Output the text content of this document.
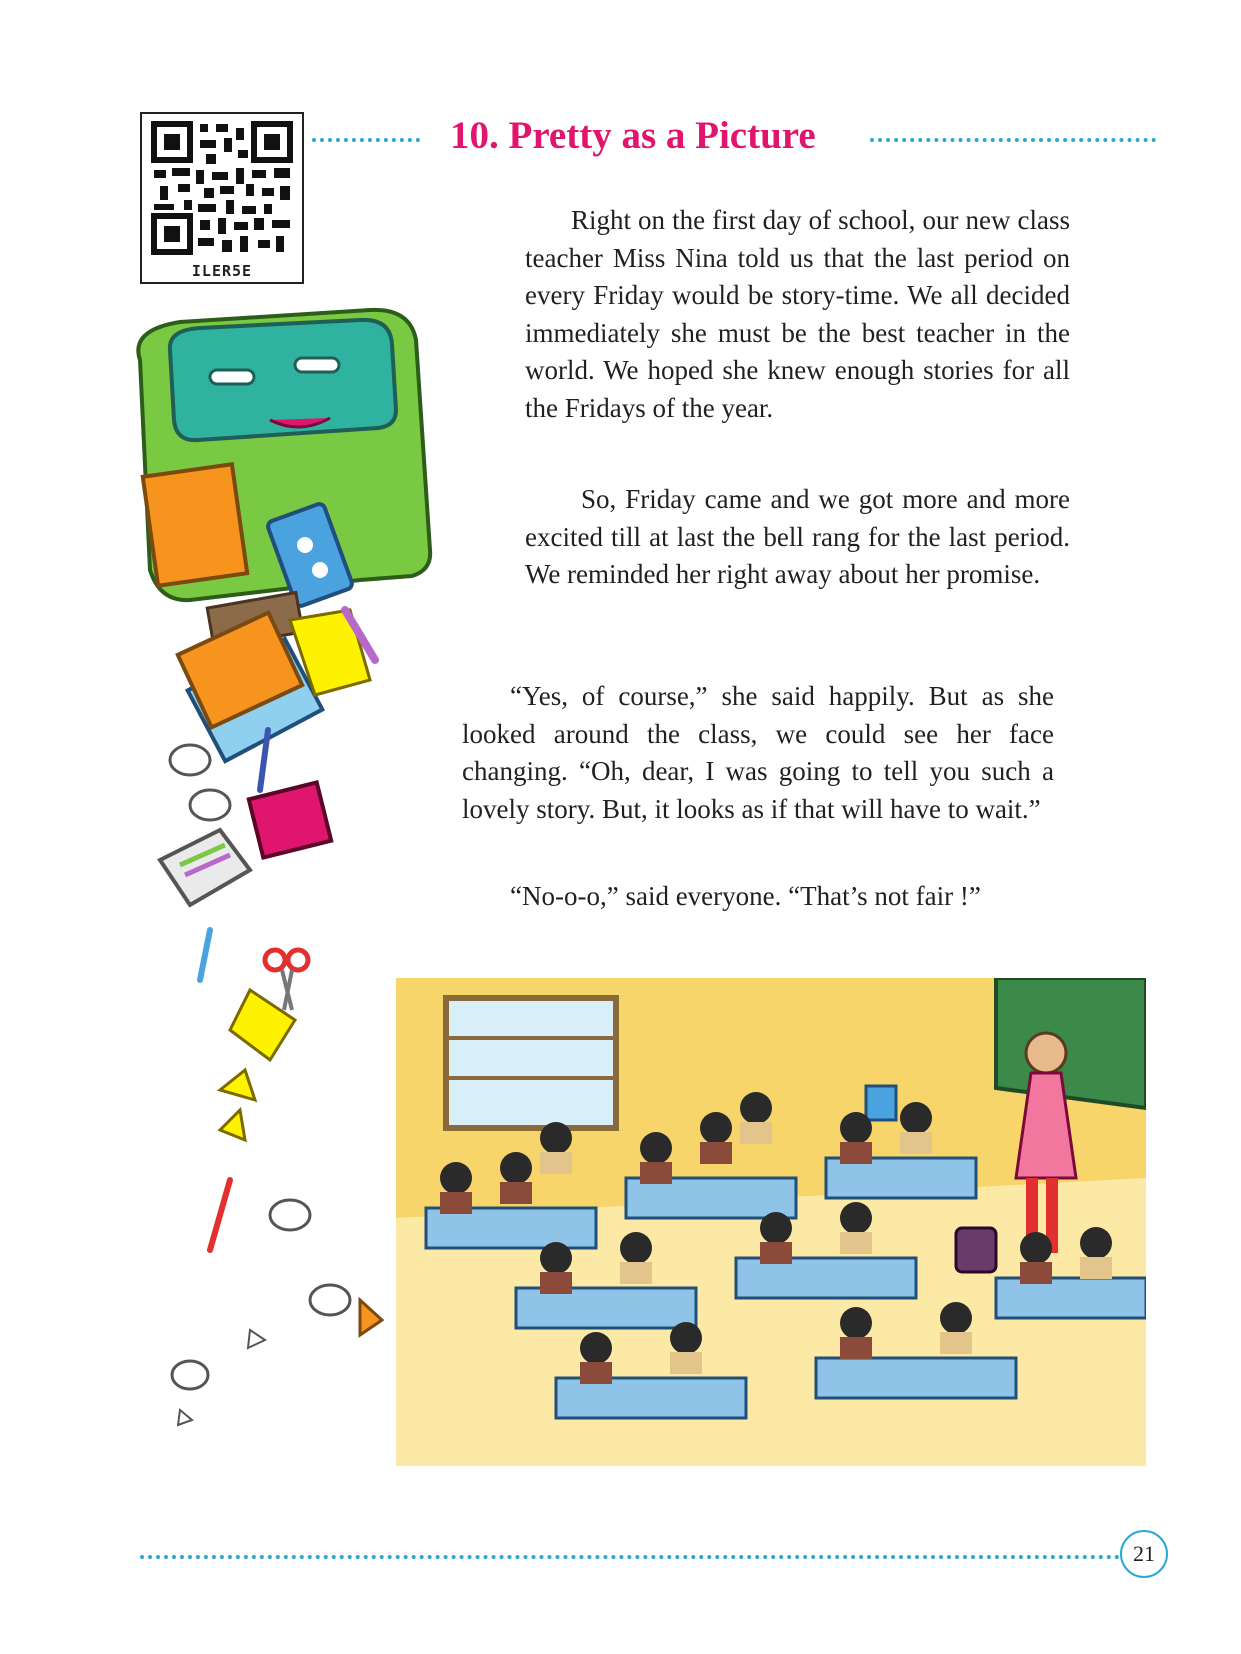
ILER5E
10. Pretty as a Picture

Right on the first day of school, our new class teacher Miss Nina told us that the last period on every Friday would be story-time. We all decided immediately she must be the best teacher in the world. We hoped she knew enough stories for all the Fridays of the year.

So, Friday came and we got more and more excited till at last the bell rang for the last period. We reminded her right away about her promise.

“Yes, of course,” she said happily. But as she looked around the class, we could see her face changing. “Oh, dear, I was going to tell you such a lovely story. But, it looks as if that will have to wait.”

“No-o-o,” said everyone. “That’s not fair !”

21
